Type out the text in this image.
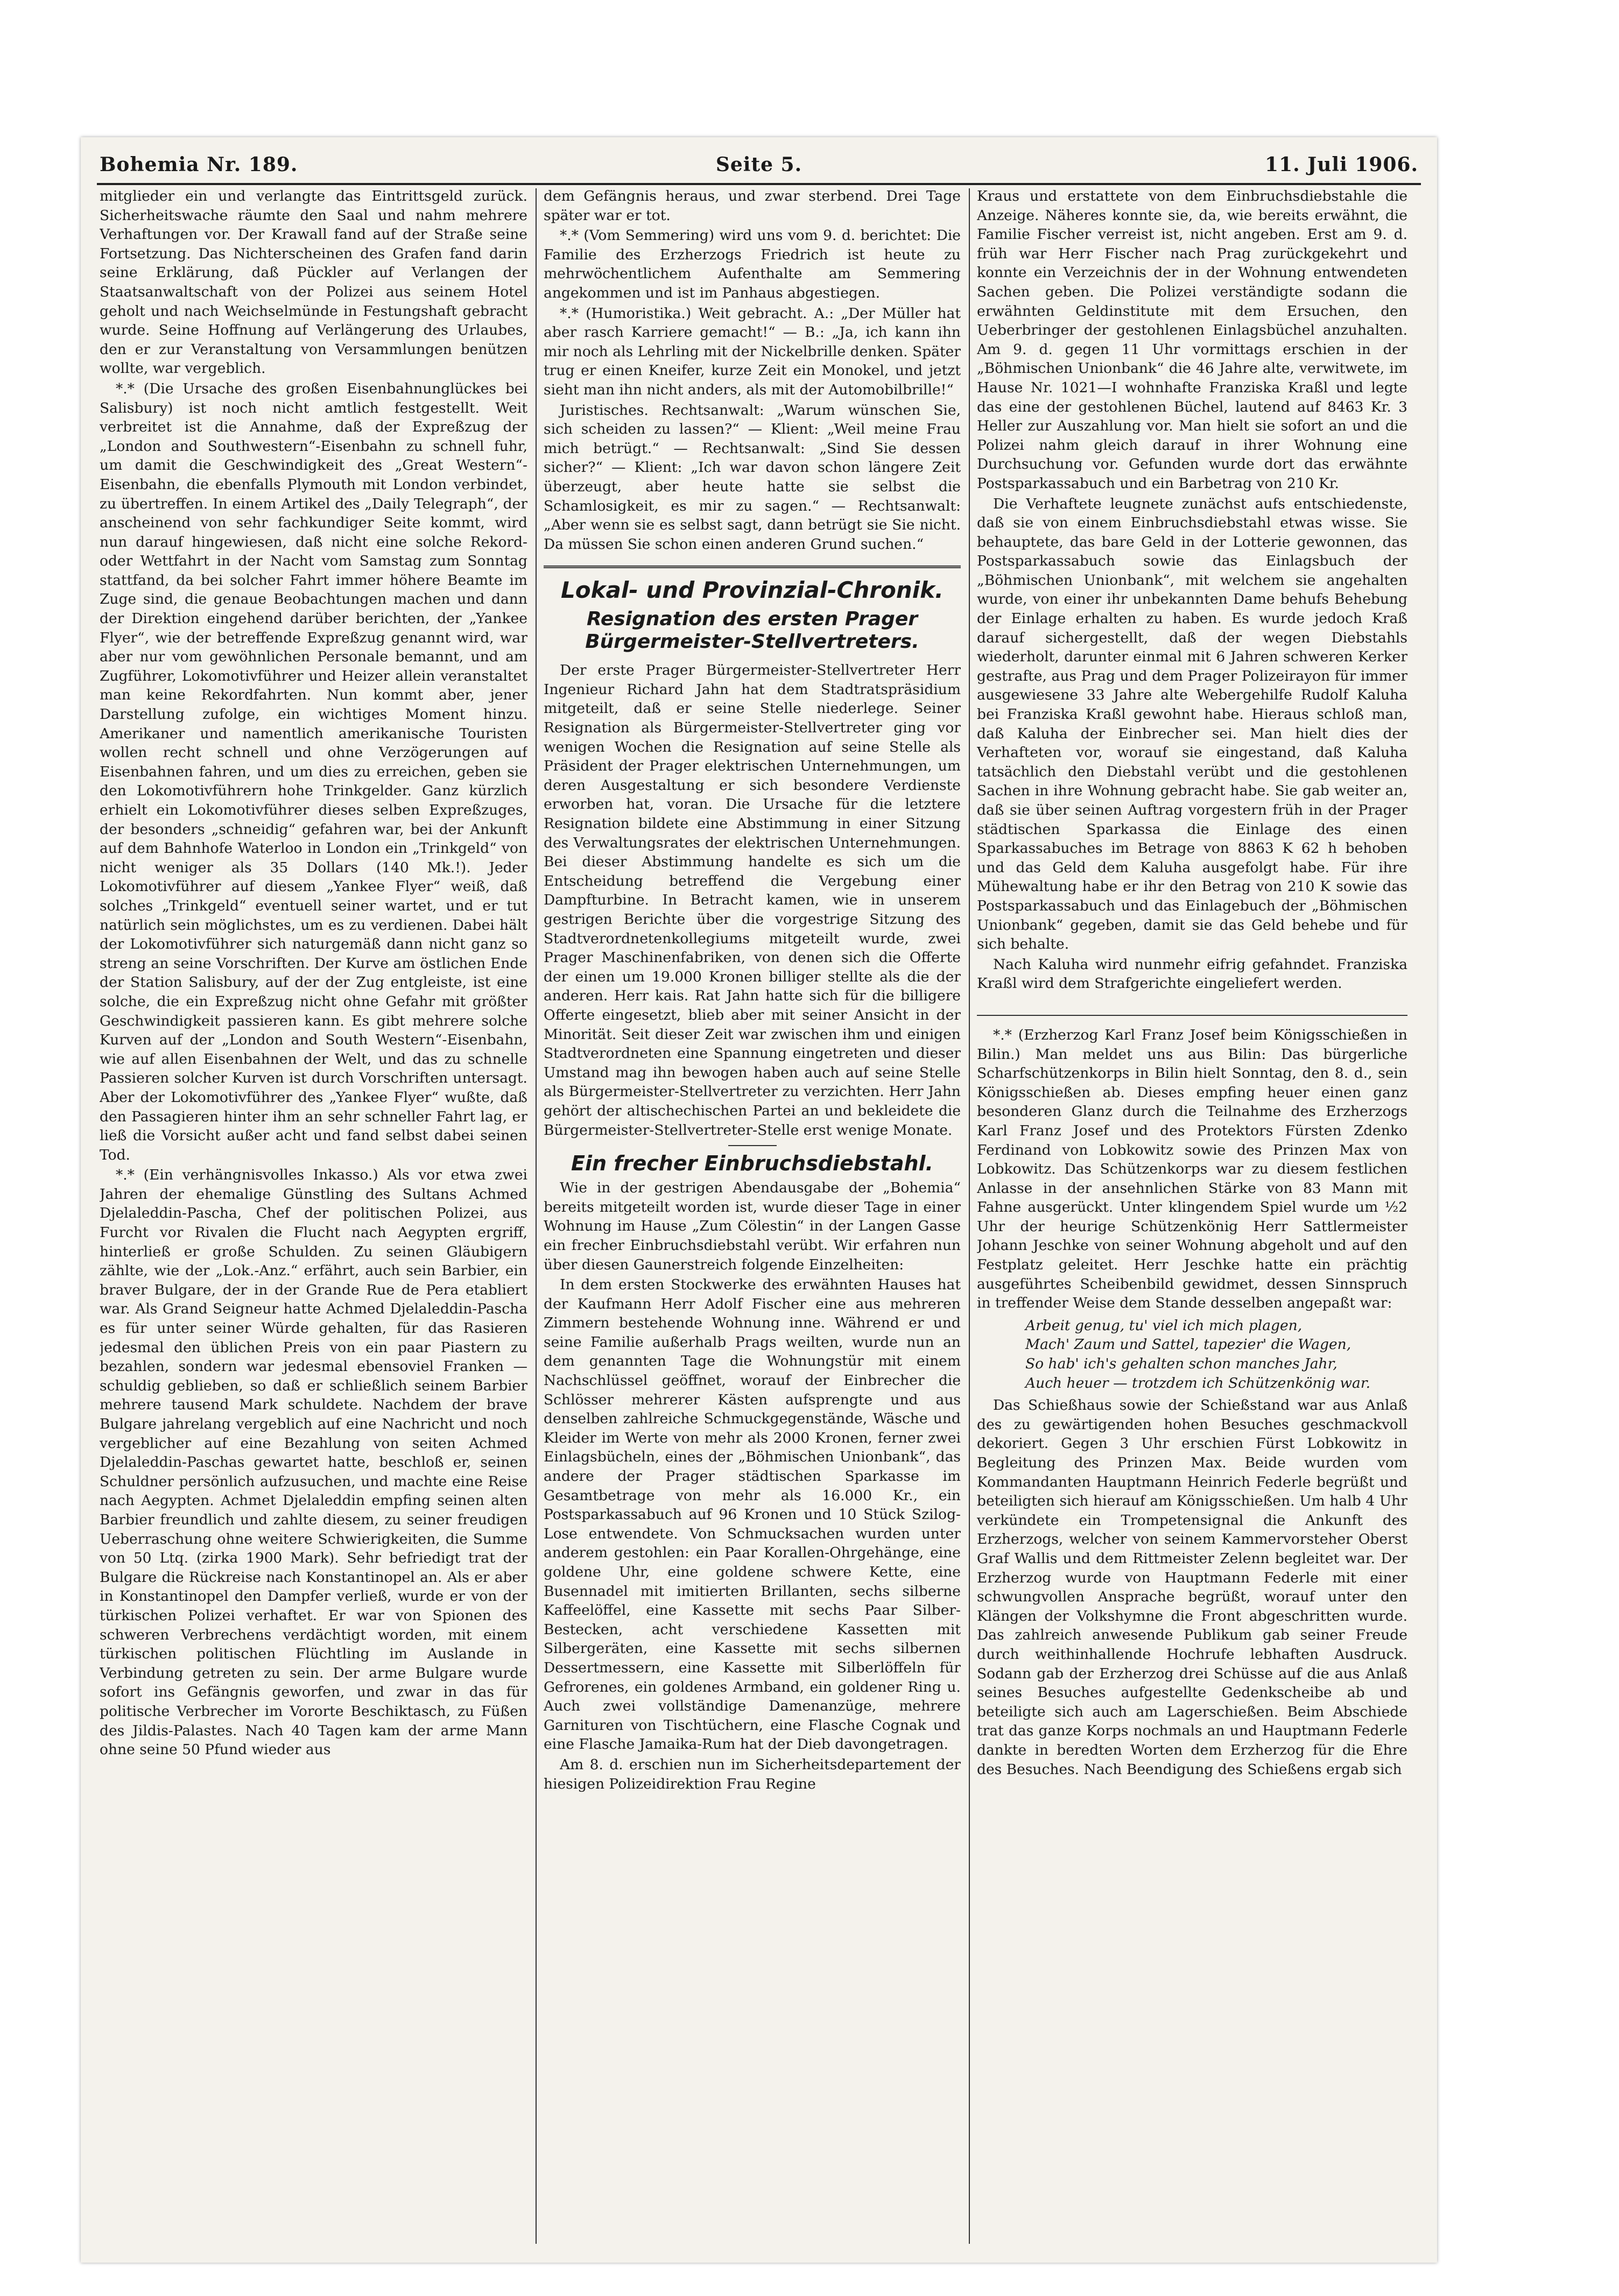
Bohemia Nr. 189.	Seite 5.	11. Juli 1906.

mitglieder ein und verlangte das Eintrittsgeld zurück. Sicherheitswache räumte den Saal und nahm mehrere Verhaftungen vor. Der Krawall fand auf der Straße seine Fortsetzung. Das Nichterscheinen des Grafen fand darin seine Erklärung, daß Pückler auf Verlangen der Staatsanwaltschaft von der Polizei aus seinem Hotel geholt und nach Weichselmünde in Festungshaft gebracht wurde. Seine Hoffnung auf Verlängerung des Urlaubes, den er zur Veranstaltung von Versammlungen benützen wollte, war vergeblich.

*.* (Die Ursache des großen Eisenbahnunglückes bei Salisbury) ist noch nicht amtlich festgestellt. Weit verbreitet ist die Annahme, daß der Expreßzug der „London and Southwestern“-Eisenbahn zu schnell fuhr, um damit die Geschwindigkeit des „Great Western“-Eisenbahn, die ebenfalls Plymouth mit London verbindet, zu übertreffen. In einem Artikel des „Daily Telegraph“, der anscheinend von sehr fachkundiger Seite kommt, wird nun darauf hingewiesen, daß nicht eine solche Rekord- oder Wettfahrt in der Nacht vom Samstag zum Sonntag stattfand, da bei solcher Fahrt immer höhere Beamte im Zuge sind, die genaue Beobachtungen machen und dann der Direktion eingehend darüber berichten, der „Yankee Flyer“, wie der betreffende Expreßzug genannt wird, war aber nur vom gewöhnlichen Personale bemannt, und am Zugführer, Lokomotivführer und Heizer allein veranstaltet man keine Rekordfahrten. Nun kommt aber, jener Darstellung zufolge, ein wichtiges Moment hinzu. Amerikaner und namentlich amerikanische Touristen wollen recht schnell und ohne Verzögerungen auf Eisenbahnen fahren, und um dies zu erreichen, geben sie den Lokomotivführern hohe Trinkgelder. Ganz kürzlich erhielt ein Lokomotivführer dieses selben Expreßzuges, der besonders „schneidig“ gefahren war, bei der Ankunft auf dem Bahnhofe Waterloo in London ein „Trinkgeld“ von nicht weniger als 35 Dollars (140 Mk.!). Jeder Lokomotivführer auf diesem „Yankee Flyer“ weiß, daß solches „Trinkgeld“ eventuell seiner wartet, und er tut natürlich sein möglichstes, um es zu verdienen. Dabei hält der Lokomotivführer sich naturgemäß dann nicht ganz so streng an seine Vorschriften. Der Kurve am östlichen Ende der Station Salisbury, auf der der Zug entgleiste, ist eine solche, die ein Expreßzug nicht ohne Gefahr mit größter Geschwindigkeit passieren kann. Es gibt mehrere solche Kurven auf der „London and South Western“-Eisenbahn, wie auf allen Eisenbahnen der Welt, und das zu schnelle Passieren solcher Kurven ist durch Vorschriften untersagt. Aber der Lokomotivführer des „Yankee Flyer“ wußte, daß den Passagieren hinter ihm an sehr schneller Fahrt lag, er ließ die Vorsicht außer acht und fand selbst dabei seinen Tod.

*.* (Ein verhängnisvolles Inkasso.) Als vor etwa zwei Jahren der ehemalige Günstling des Sultans Achmed Djelaleddin-Pascha, Chef der politischen Polizei, aus Furcht vor Rivalen die Flucht nach Aegypten ergriff, hinterließ er große Schulden. Zu seinen Gläubigern zählte, wie der „Lok.-Anz.“ erfährt, auch sein Barbier, ein braver Bulgare, der in der Grande Rue de Pera etabliert war. Als Grand Seigneur hatte Achmed Djelaleddin-Pascha es für unter seiner Würde gehalten, für das Rasieren jedesmal den üblichen Preis von ein paar Piastern zu bezahlen, sondern war jedesmal ebensoviel Franken — schuldig geblieben, so daß er schließlich seinem Barbier mehrere tausend Mark schuldete. Nachdem der brave Bulgare jahrelang vergeblich auf eine Nachricht und noch vergeblicher auf eine Bezahlung von seiten Achmed Djelaleddin-Paschas gewartet hatte, beschloß er, seinen Schuldner persönlich aufzusuchen, und machte eine Reise nach Aegypten. Achmet Djelaleddin empfing seinen alten Barbier freundlich und zahlte diesem, zu seiner freudigen Ueberraschung ohne weitere Schwierigkeiten, die Summe von 50 Ltq. (zirka 1900 Mark). Sehr befriedigt trat der Bulgare die Rückreise nach Konstantinopel an. Als er aber in Konstantinopel den Dampfer verließ, wurde er von der türkischen Polizei verhaftet. Er war von Spionen des schweren Verbrechens verdächtigt worden, mit einem türkischen politischen Flüchtling im Auslande in Verbindung getreten zu sein. Der arme Bulgare wurde sofort ins Gefängnis geworfen, und zwar in das für politische Verbrecher im Vororte Beschiktasch, zu Füßen des Jildis-Palastes. Nach 40 Tagen kam der arme Mann ohne seine 50 Pfund wieder aus

dem Gefängnis heraus, und zwar sterbend. Drei Tage später war er tot.

*.* (Vom Semmering) wird uns vom 9. d. berichtet: Die Familie des Erzherzogs Friedrich ist heute zu mehrwöchentlichem Aufenthalte am Semmering angekommen und ist im Panhaus abgestiegen.

*.* (Humoristika.) Weit gebracht. A.: „Der Müller hat aber rasch Karriere gemacht!“ — B.: „Ja, ich kann ihn mir noch als Lehrling mit der Nickelbrille denken. Später trug er einen Kneifer, kurze Zeit ein Monokel, und jetzt sieht man ihn nicht anders, als mit der Automobilbrille!“

Juristisches. Rechtsanwalt: „Warum wünschen Sie, sich scheiden zu lassen?“ — Klient: „Weil meine Frau mich betrügt.“ — Rechtsanwalt: „Sind Sie dessen sicher?“ — Klient: „Ich war davon schon längere Zeit überzeugt, aber heute hatte sie selbst die Schamlosigkeit, es mir zu sagen.“ — Rechtsanwalt: „Aber wenn sie es selbst sagt, dann betrügt sie Sie nicht. Da müssen Sie schon einen anderen Grund suchen.“

Lokal- und Provinzial-Chronik.
Resignation des ersten Prager Bürgermeister-Stellvertreters.

Der erste Prager Bürgermeister-Stellvertreter Herr Ingenieur Richard Jahn hat dem Stadtratspräsidium mitgeteilt, daß er seine Stelle niederlege. Seiner Resignation als Bürgermeister-Stellvertreter ging vor wenigen Wochen die Resignation auf seine Stelle als Präsident der Prager elektrischen Unternehmungen, um deren Ausgestaltung er sich besondere Verdienste erworben hat, voran. Die Ursache für die letztere Resignation bildete eine Abstimmung in einer Sitzung des Verwaltungsrates der elektrischen Unternehmungen. Bei dieser Abstimmung handelte es sich um die Entscheidung betreffend die Vergebung einer Dampfturbine. In Betracht kamen, wie in unserem gestrigen Berichte über die vorgestrige Sitzung des Stadtverordnetenkollegiums mitgeteilt wurde, zwei Prager Maschinenfabriken, von denen sich die Offerte der einen um 19.000 Kronen billiger stellte als die der anderen. Herr kais. Rat Jahn hatte sich für die billigere Offerte eingesetzt, blieb aber mit seiner Ansicht in der Minorität. Seit dieser Zeit war zwischen ihm und einigen Stadtverordneten eine Spannung eingetreten und dieser Umstand mag ihn bewogen haben auch auf seine Stelle als Bürgermeister-Stellvertreter zu verzichten. Herr Jahn gehört der altischechischen Partei an und bekleidete die Bürgermeister-Stellvertreter-Stelle erst wenige Monate.

Ein frecher Einbruchsdiebstahl.

Wie in der gestrigen Abendausgabe der „Bohemia“ bereits mitgeteilt worden ist, wurde dieser Tage in einer Wohnung im Hause „Zum Cölestin“ in der Langen Gasse ein frecher Einbruchsdiebstahl verübt. Wir erfahren nun über diesen Gaunerstreich folgende Einzelheiten:

In dem ersten Stockwerke des erwähnten Hauses hat der Kaufmann Herr Adolf Fischer eine aus mehreren Zimmern bestehende Wohnung inne. Während er und seine Familie außerhalb Prags weilten, wurde nun an dem genannten Tage die Wohnungstür mit einem Nachschlüssel geöffnet, worauf der Einbrecher die Schlösser mehrerer Kästen aufsprengte und aus denselben zahlreiche Schmuckgegenstände, Wäsche und Kleider im Werte von mehr als 2000 Kronen, ferner zwei Einlagsbücheln, eines der „Böhmischen Unionbank“, das andere der Prager städtischen Sparkasse im Gesamtbetrage von mehr als 16.000 Kr., ein Postsparkassabuch auf 96 Kronen und 10 Stück Szilog-Lose entwendete. Von Schmucksachen wurden unter anderem gestohlen: ein Paar Korallen-Ohrgehänge, eine goldene Uhr, eine goldene schwere Kette, eine Busennadel mit imitierten Brillanten, sechs silberne Kaffeelöffel, eine Kassette mit sechs Paar Silber-Bestecken, acht verschiedene Kassetten mit Silbergeräten, eine Kassette mit sechs silbernen Dessertmessern, eine Kassette mit Silberlöffeln für Gefrorenes, ein goldenes Armband, ein goldener Ring u. Auch zwei vollständige Damenanzüge, mehrere Garnituren von Tischtüchern, eine Flasche Cognak und eine Flasche Jamaika-Rum hat der Dieb davongetragen.

Am 8. d. erschien nun im Sicherheitsdepartement der hiesigen Polizeidirektion Frau Regine

Kraus und erstattete von dem Einbruchsdiebstahle die Anzeige. Näheres konnte sie, da, wie bereits erwähnt, die Familie Fischer verreist ist, nicht angeben. Erst am 9. d. früh war Herr Fischer nach Prag zurückgekehrt und konnte ein Verzeichnis der in der Wohnung entwendeten Sachen geben. Die Polizei verständigte sodann die erwähnten Geldinstitute mit dem Ersuchen, den Ueberbringer der gestohlenen Einlagsbüchel anzuhalten. Am 9. d. gegen 11 Uhr vormittags erschien in der „Böhmischen Unionbank“ die 46 Jahre alte, verwitwete, im Hause Nr. 1021—I wohnhafte Franziska Kraßl und legte das eine der gestohlenen Büchel, lautend auf 8463 Kr. 3 Heller zur Auszahlung vor. Man hielt sie sofort an und die Polizei nahm gleich darauf in ihrer Wohnung eine Durchsuchung vor. Gefunden wurde dort das erwähnte Postsparkassabuch und ein Barbetrag von 210 Kr.

Die Verhaftete leugnete zunächst aufs entschiedenste, daß sie von einem Einbruchsdiebstahl etwas wisse. Sie behauptete, das bare Geld in der Lotterie gewonnen, das Postsparkassabuch sowie das Einlagsbuch der „Böhmischen Unionbank“, mit welchem sie angehalten wurde, von einer ihr unbekannten Dame behufs Behebung der Einlage erhalten zu haben. Es wurde jedoch Kraß darauf sichergestellt, daß der wegen Diebstahls wiederholt, darunter einmal mit 6 Jahren schweren Kerker gestrafte, aus Prag und dem Prager Polizeirayon für immer ausgewiesene 33 Jahre alte Webergehilfe Rudolf Kaluha bei Franziska Kraßl gewohnt habe. Hieraus schloß man, daß Kaluha der Einbrecher sei. Man hielt dies der Verhafteten vor, worauf sie eingestand, daß Kaluha tatsächlich den Diebstahl verübt und die gestohlenen Sachen in ihre Wohnung gebracht habe. Sie gab weiter an, daß sie über seinen Auftrag vorgestern früh in der Prager städtischen Sparkassa die Einlage des einen Sparkassabuches im Betrage von 8863 K 62 h behoben und das Geld dem Kaluha ausgefolgt habe. Für ihre Mühewaltung habe er ihr den Betrag von 210 K sowie das Postsparkassabuch und das Einlagebuch der „Böhmischen Unionbank“ gegeben, damit sie das Geld behebe und für sich behalte.

Nach Kaluha wird nunmehr eifrig gefahndet. Franziska Kraßl wird dem Strafgerichte eingeliefert werden.

*.* (Erzherzog Karl Franz Josef beim Königsschießen in Bilin.) Man meldet uns aus Bilin: Das bürgerliche Scharfschützenkorps in Bilin hielt Sonntag, den 8. d., sein Königsschießen ab. Dieses empfing heuer einen ganz besonderen Glanz durch die Teilnahme des Erzherzogs Karl Franz Josef und des Protektors Fürsten Zdenko Ferdinand von Lobkowitz sowie des Prinzen Max von Lobkowitz. Das Schützenkorps war zu diesem festlichen Anlasse in der ansehnlichen Stärke von 83 Mann mit Fahne ausgerückt. Unter klingendem Spiel wurde um ½2 Uhr der heurige Schützenkönig Herr Sattlermeister Johann Jeschke von seiner Wohnung abgeholt und auf den Festplatz geleitet. Herr Jeschke hatte ein prächtig ausgeführtes Scheibenbild gewidmet, dessen Sinnspruch in treffender Weise dem Stande desselben angepaßt war:

Arbeit genug, tu' viel ich mich plagen,
Mach' Zaum und Sattel, tapezier' die Wagen,
So hab' ich's gehalten schon manches Jahr,
Auch heuer — trotzdem ich Schützenkönig war.

Das Schießhaus sowie der Schießstand war aus Anlaß des zu gewärtigenden hohen Besuches geschmackvoll dekoriert. Gegen 3 Uhr erschien Fürst Lobkowitz in Begleitung des Prinzen Max. Beide wurden vom Kommandanten Hauptmann Heinrich Federle begrüßt und beteiligten sich hierauf am Königsschießen. Um halb 4 Uhr verkündete ein Trompetensignal die Ankunft des Erzherzogs, welcher von seinem Kammervorsteher Oberst Graf Wallis und dem Rittmeister Zelenn begleitet war. Der Erzherzog wurde von Hauptmann Federle mit einer schwungvollen Ansprache begrüßt, worauf unter den Klängen der Volkshymne die Front abgeschritten wurde. Das zahlreich anwesende Publikum gab seiner Freude durch weithinhallende Hochrufe lebhaften Ausdruck. Sodann gab der Erzherzog drei Schüsse auf die aus Anlaß seines Besuches aufgestellte Gedenkscheibe ab und beteiligte sich auch am Lagerschießen. Beim Abschiede trat das ganze Korps nochmals an und Hauptmann Federle dankte in beredten Worten dem Erzherzog für die Ehre des Besuches. Nach Beendigung des Schießens ergab sich
